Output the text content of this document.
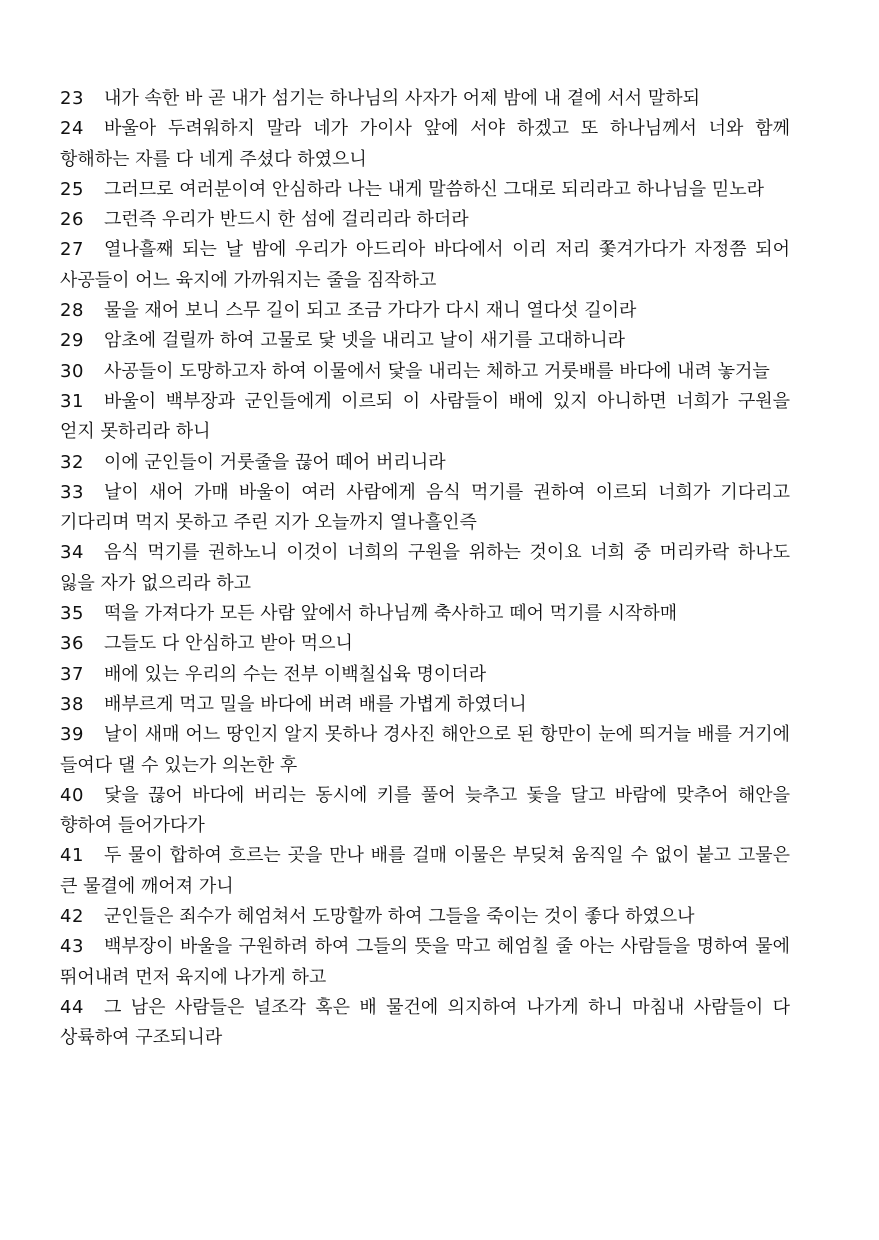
23 내가 속한 바 곧 내가 섬기는 하나님의 사자가 어제 밤에 내 곁에 서서 말하되

24 바울아 두려워하지 말라 네가 가이사 앞에 서야 하겠고 또 하나님께서 너와 함께 항해하는 자를 다 네게 주셨다 하였으니

25 그러므로 여러분이여 안심하라 나는 내게 말씀하신 그대로 되리라고 하나님을 믿노라

26 그런즉 우리가 반드시 한 섬에 걸리리라 하더라

27 열나흘째 되는 날 밤에 우리가 아드리아 바다에서 이리 저리 쫓겨가다가 자정쯤 되어 사공들이 어느 육지에 가까워지는 줄을 짐작하고

28 물을 재어 보니 스무 길이 되고 조금 가다가 다시 재니 열다섯 길이라

29 암초에 걸릴까 하여 고물로 닻 넷을 내리고 날이 새기를 고대하니라

30 사공들이 도망하고자 하여 이물에서 닻을 내리는 체하고 거룻배를 바다에 내려 놓거늘

31 바울이 백부장과 군인들에게 이르되 이 사람들이 배에 있지 아니하면 너희가 구원을 얻지 못하리라 하니

32 이에 군인들이 거룻줄을 끊어 떼어 버리니라

33 날이 새어 가매 바울이 여러 사람에게 음식 먹기를 권하여 이르되 너희가 기다리고 기다리며 먹지 못하고 주린 지가 오늘까지 열나흘인즉

34 음식 먹기를 권하노니 이것이 너희의 구원을 위하는 것이요 너희 중 머리카락 하나도 잃을 자가 없으리라 하고

35 떡을 가져다가 모든 사람 앞에서 하나님께 축사하고 떼어 먹기를 시작하매

36 그들도 다 안심하고 받아 먹으니

37 배에 있는 우리의 수는 전부 이백칠십육 명이더라

38 배부르게 먹고 밀을 바다에 버려 배를 가볍게 하였더니

39 날이 새매 어느 땅인지 알지 못하나 경사진 해안으로 된 항만이 눈에 띄거늘 배를 거기에 들여다 댈 수 있는가 의논한 후

40 닻을 끊어 바다에 버리는 동시에 키를 풀어 늦추고 돛을 달고 바람에 맞추어 해안을 향하여 들어가다가

41 두 물이 합하여 흐르는 곳을 만나 배를 걸매 이물은 부딪쳐 움직일 수 없이 붙고 고물은 큰 물결에 깨어져 가니

42 군인들은 죄수가 헤엄쳐서 도망할까 하여 그들을 죽이는 것이 좋다 하였으나

43 백부장이 바울을 구원하려 하여 그들의 뜻을 막고 헤엄칠 줄 아는 사람들을 명하여 물에 뛰어내려 먼저 육지에 나가게 하고

44 그 남은 사람들은 널조각 혹은 배 물건에 의지하여 나가게 하니 마침내 사람들이 다 상륙하여 구조되니라
